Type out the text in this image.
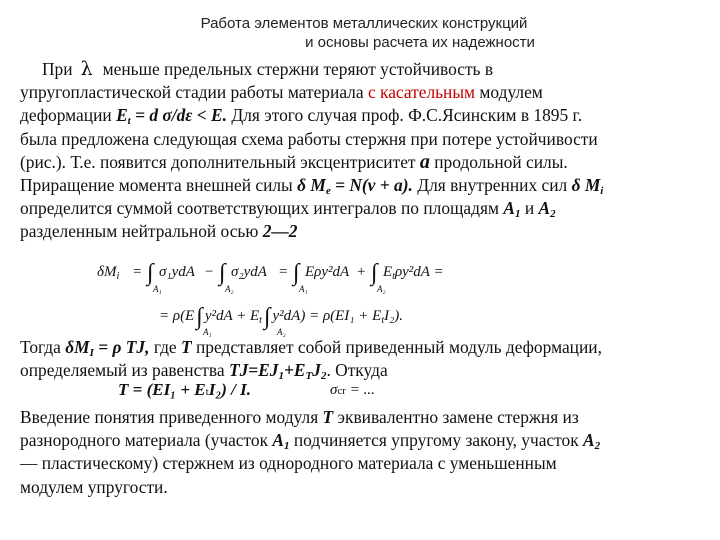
Работа элементов металлических конструкций
и основы расчета их надежности
При λ меньше предельных стержни теряют устойчивость в
упругопластической стадии работы материала с касательным модулем
деформации $E_t = d$ σ/dε < E. Для этого случая проф. Ф.С.Ясинским в 1895 г.
была предложена следующая схема работы стержня при потере устойчивости
(рис.). Т.е. появится дополнительный эксцентриситет a продольной силы.
Приращение момента внешней силы δ $M_e = N(\nu + a)$. Для внутренних сил δ $M_i$
определится суммой соответствующих интегралов по площадям $A_1$ и $A_2$
разделенным нейтральной осью 2—2
$\delta M_i$ = ∫ σ₁ydA − ∫ σ₂ydA = ∫ Eρy²dA + ∫ $E_t\rho y^2dA$ =
A₁	A₂	A₁	A₂
= ρ(E∫ $y^2dA + E_t\int$ $y^2dA) = \rho(EI_1 + E_tI_2)$.
A₁	A₂
Тогда $\delta M_I = \rho$ TJ, где T представляет собой приведенный модуль деформации,
определяемый из равенства $TJ=EJ_1+E_TJ_2$. Откуда
T = (EI₁ + EtI₂) / I.	σcr = ...
Введение понятия приведенного модуля T эквивалентно замене стержня из
разнородного материала (участок $A_1$ подчиняется упругому закону, участок $A_2$
— пластическому) стержнем из однородного материала с уменьшенным
модулем упругости.
